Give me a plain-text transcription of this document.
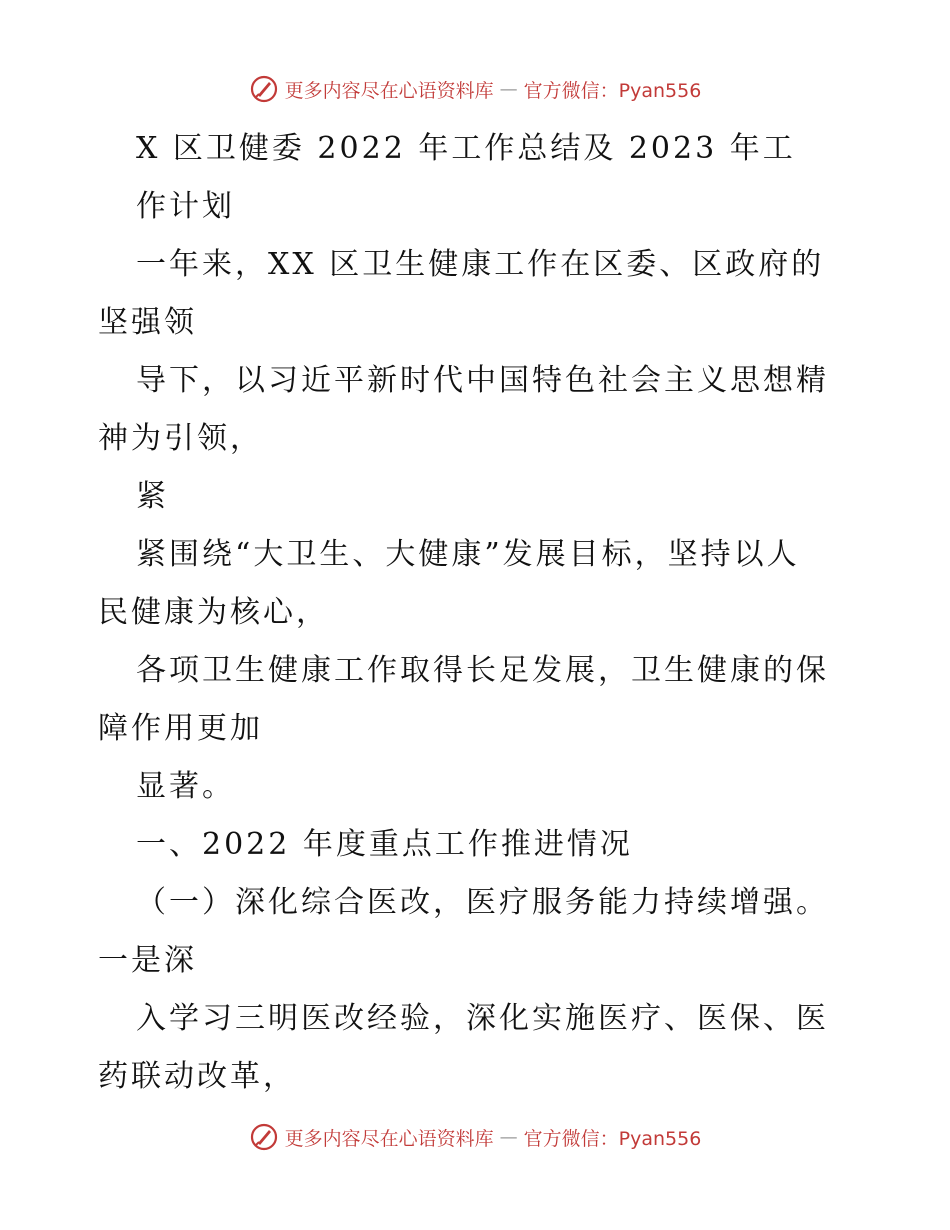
更多内容尽在心语资料库 — 官方微信：Pyan556
X 区卫健委 2022 年工作总结及 2023 年工
作计划
一年来，XX 区卫生健康工作在区委、区政府的
坚强领
导下，以习近平新时代中国特色社会主义思想精
神为引领，
紧
紧围绕“大卫生、大健康”发展目标，坚持以人
民健康为核心，
各项卫生健康工作取得长足发展，卫生健康的保
障作用更加
显著。
一、2022 年度重点工作推进情况
（一）深化综合医改，医疗服务能力持续增强。
一是深
入学习三明医改经验，深化实施医疗、医保、医
药联动改革，
更多内容尽在心语资料库 — 官方微信：Pyan556
